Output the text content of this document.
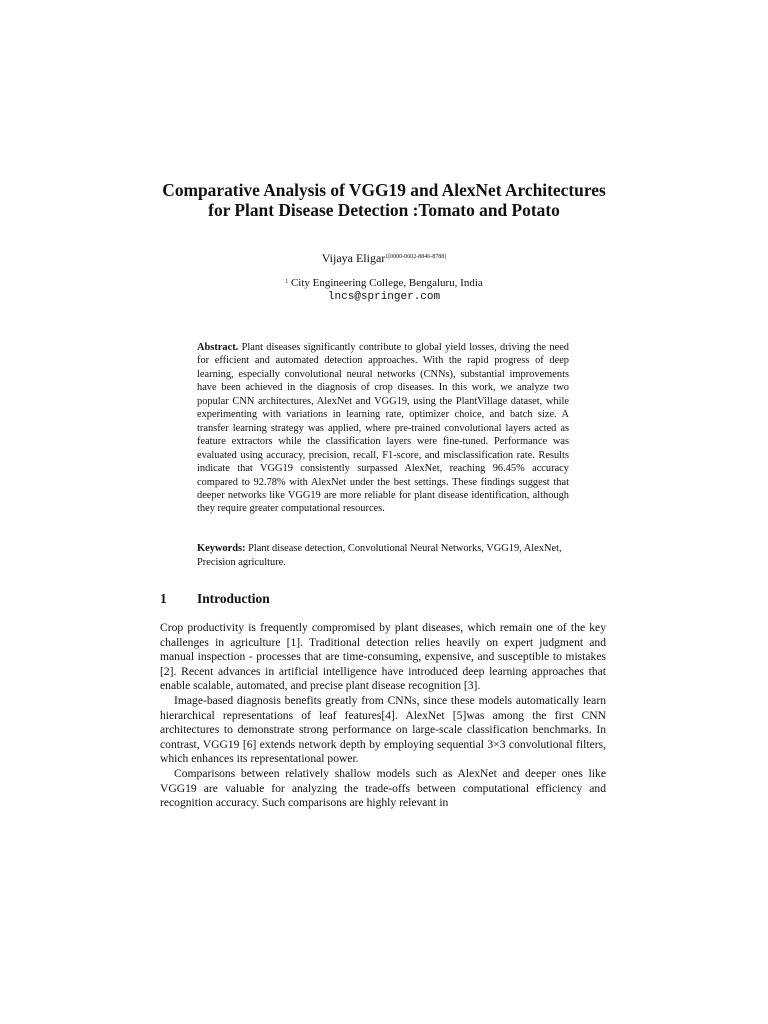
Comparative Analysis of VGG19 and AlexNet Architectures for Plant Disease Detection :Tomato and Potato
Vijaya Eligar$^{1[0000-0002-8846-8788]}$
$^1$ City Engineering College, Bengaluru, India
lncs@springer.com

Abstract. Plant diseases significantly contribute to global yield losses, driving the need for efficient and automated detection approaches. With the rapid progress of deep learning, especially convolutional neural networks (CNNs), substantial improvements have been achieved in the diagnosis of crop diseases. In this work, we analyze two popular CNN architectures, AlexNet and VGG19, using the PlantVillage dataset, while experimenting with variations in learning rate, optimizer choice, and batch size. A transfer learning strategy was applied, where pre-trained convolutional layers acted as feature extractors while the classification layers were fine-tuned. Performance was evaluated using accuracy, precision, recall, F1-score, and misclassification rate. Results indicate that VGG19 consistently surpassed AlexNet, reaching 96.45% accuracy compared to 92.78% with AlexNet under the best settings. These findings suggest that deeper networks like VGG19 are more reliable for plant disease identification, although they require greater computational resources.

Keywords: Plant disease detection, Convolutional Neural Networks, VGG19, AlexNet, Precision agriculture.

1 Introduction

Crop productivity is frequently compromised by plant diseases, which remain one of the key challenges in agriculture [1]. Traditional detection relies heavily on expert judgment and manual inspection - processes that are time-consuming, expensive, and susceptible to mistakes [2]. Recent advances in artificial intelligence have introduced deep learning approaches that enable scalable, automated, and precise plant disease recognition [3].

Image-based diagnosis benefits greatly from CNNs, since these models automatically learn hierarchical representations of leaf features[4]. AlexNet [5]was among the first CNN architectures to demonstrate strong performance on large-scale classification benchmarks. In contrast, VGG19 [6] extends network depth by employing sequential 3×3 convolutional filters, which enhances its representational power.

Comparisons between relatively shallow models such as AlexNet and deeper ones like VGG19 are valuable for analyzing the trade-offs between computational efficiency and recognition accuracy. Such comparisons are highly relevant in
